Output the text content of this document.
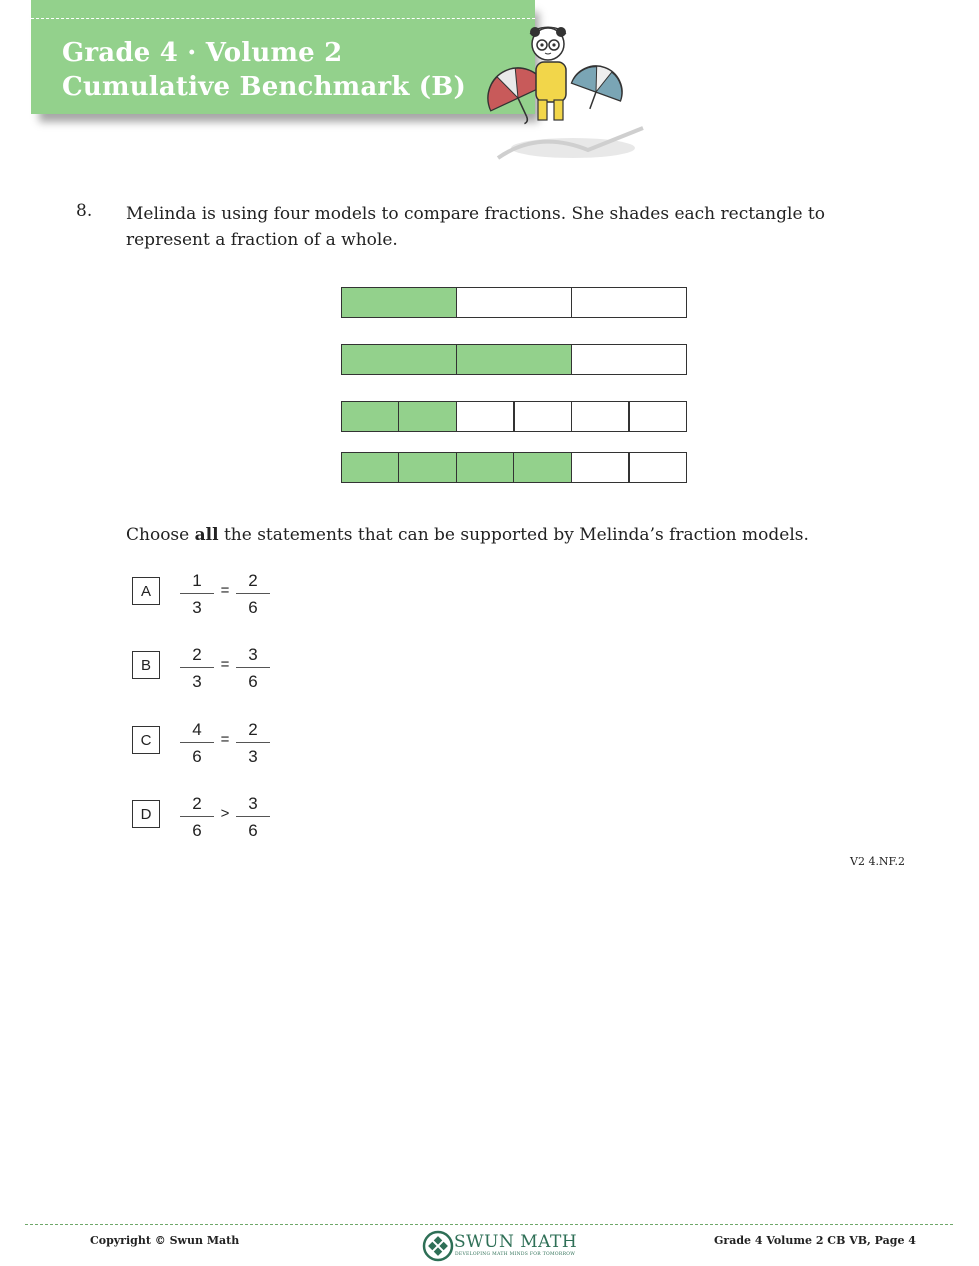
Grade 4 · Volume 2
Cumulative Benchmark (B)
8. Melinda is using four models to compare fractions. She shades each rectangle to represent a fraction of a whole.
Choose all the statements that can be supported by Melinda’s fraction models.
A	$\frac{1}{3} = \frac{2}{6}$
B	$\frac{2}{3} = \frac{3}{6}$
C	$\frac{4}{6} = \frac{2}{3}$
D	$\frac{2}{6} > \frac{3}{6}$
V2 4.NF.2
Copyright © Swun Math	SWUN MATH
DEVELOPING MATH MINDS FOR TOMORROW
Grade 4 Volume 2 CB VB, Page 4
